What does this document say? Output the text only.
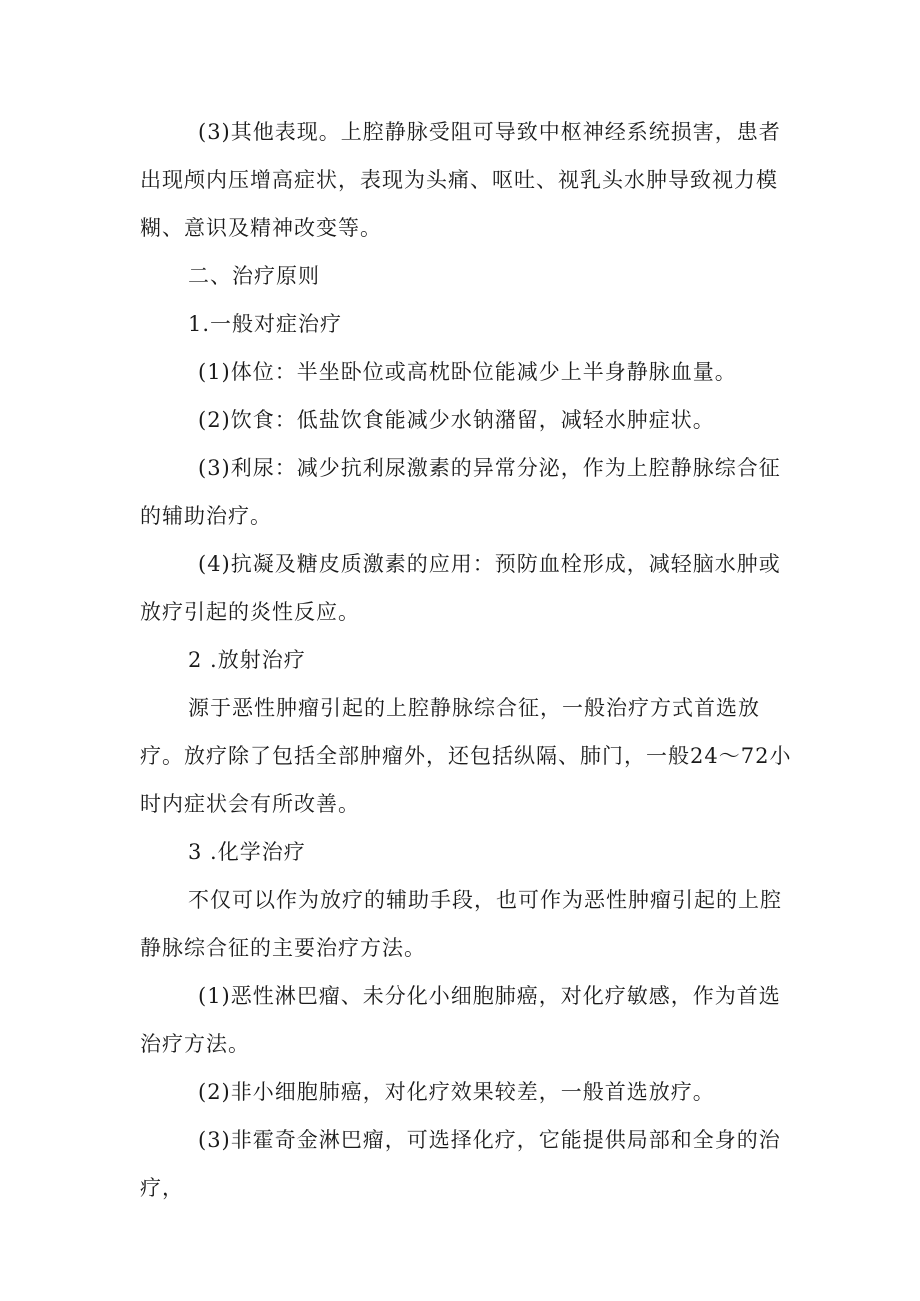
(3)其他表现。上腔静脉受阻可导致中枢神经系统损害，患者出现颅内压增高症状，表现为头痛、呕吐、视乳头水肿导致视力模糊、意识及精神改变等。

二、治疗原则

1.一般对症治疗

(1)体位：半坐卧位或高枕卧位能减少上半身静脉血量。

(2)饮食：低盐饮食能减少水钠潴留，减轻水肿症状。

(3)利尿：减少抗利尿激素的异常分泌，作为上腔静脉综合征的辅助治疗。

(4)抗凝及糖皮质激素的应用：预防血栓形成，减轻脑水肿或放疗引起的炎性反应。

2 .放射治疗

源于恶性肿瘤引起的上腔静脉综合征，一般治疗方式首选放疗。放疗除了包括全部肿瘤外，还包括纵隔、肺门，一般24～72小时内症状会有所改善。

3 .化学治疗

不仅可以作为放疗的辅助手段，也可作为恶性肿瘤引起的上腔静脉综合征的主要治疗方法。

(1)恶性淋巴瘤、未分化小细胞肺癌，对化疗敏感，作为首选治疗方法。

(2)非小细胞肺癌，对化疗效果较差，一般首选放疗。

(3)非霍奇金淋巴瘤，可选择化疗，它能提供局部和全身的治疗，
